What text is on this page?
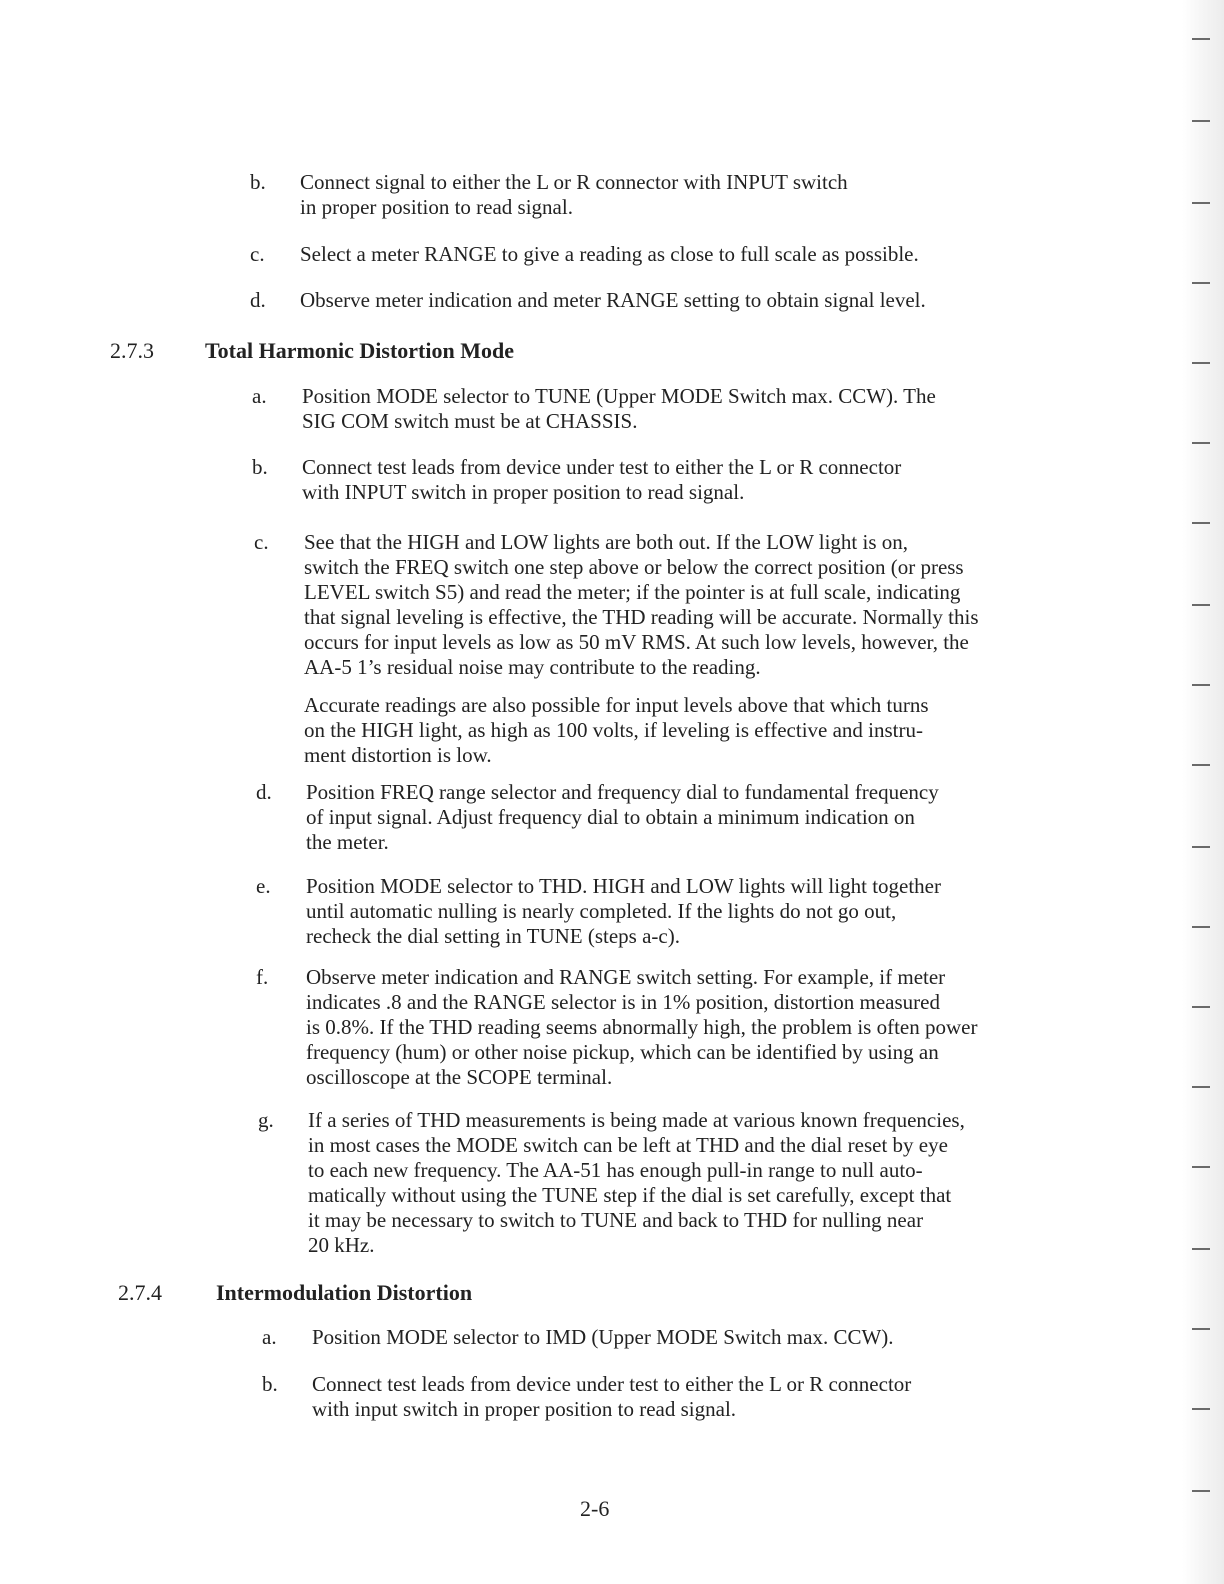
b.	Connect signal to either the L or R connector with INPUT switch

in proper position to read signal.

c.	Select a meter RANGE to give a reading as close to full scale as possible.

d.	Observe meter indication and meter RANGE setting to obtain signal level.

2.7.3 Total Harmonic Distortion Mode
a.	Position MODE selector to TUNE (Upper MODE Switch max. CCW). The

SIG COM switch must be at CHASSIS.

b.	Connect test leads from device under test to either the L or R connector

with INPUT switch in proper position to read signal.

c.	See that the HIGH and LOW lights are both out. If the LOW light is on,

switch the FREQ switch one step above or below the correct position (or press

LEVEL switch S5) and read the meter; if the pointer is at full scale, indicating

that signal leveling is effective, the THD reading will be accurate. Normally this

occurs for input levels as low as 50 mV RMS. At such low levels, however, the

AA-5 1’s residual noise may contribute to the reading.

Accurate readings are also possible for input levels above that which turns

on the HIGH light, as high as 100 volts, if leveling is effective and instru-

ment distortion is low.

d.	Position FREQ range selector and frequency dial to fundamental frequency

of input signal. Adjust frequency dial to obtain a minimum indication on

the meter.

e.	Position MODE selector to THD. HIGH and LOW lights will light together

until automatic nulling is nearly completed. If the lights do not go out,

recheck the dial setting in TUNE (steps a-c).

f.	Observe meter indication and RANGE switch setting. For example, if meter

indicates .8 and the RANGE selector is in 1% position, distortion measured

is 0.8%. If the THD reading seems abnormally high, the problem is often power

frequency (hum) or other noise pickup, which can be identified by using an

oscilloscope at the SCOPE terminal.

g.	If a series of THD measurements is being made at various known frequencies,

in most cases the MODE switch can be left at THD and the dial reset by eye

to each new frequency. The AA-51 has enough pull-in range to null auto-

matically without using the TUNE step if the dial is set carefully, except that

it may be necessary to switch to TUNE and back to THD for nulling near

20 kHz.

2.7.4 Intermodulation Distortion
a.	Position MODE selector to IMD (Upper MODE Switch max. CCW).

b.	Connect test leads from device under test to either the L or R connector

with input switch in proper position to read signal.

2-6
